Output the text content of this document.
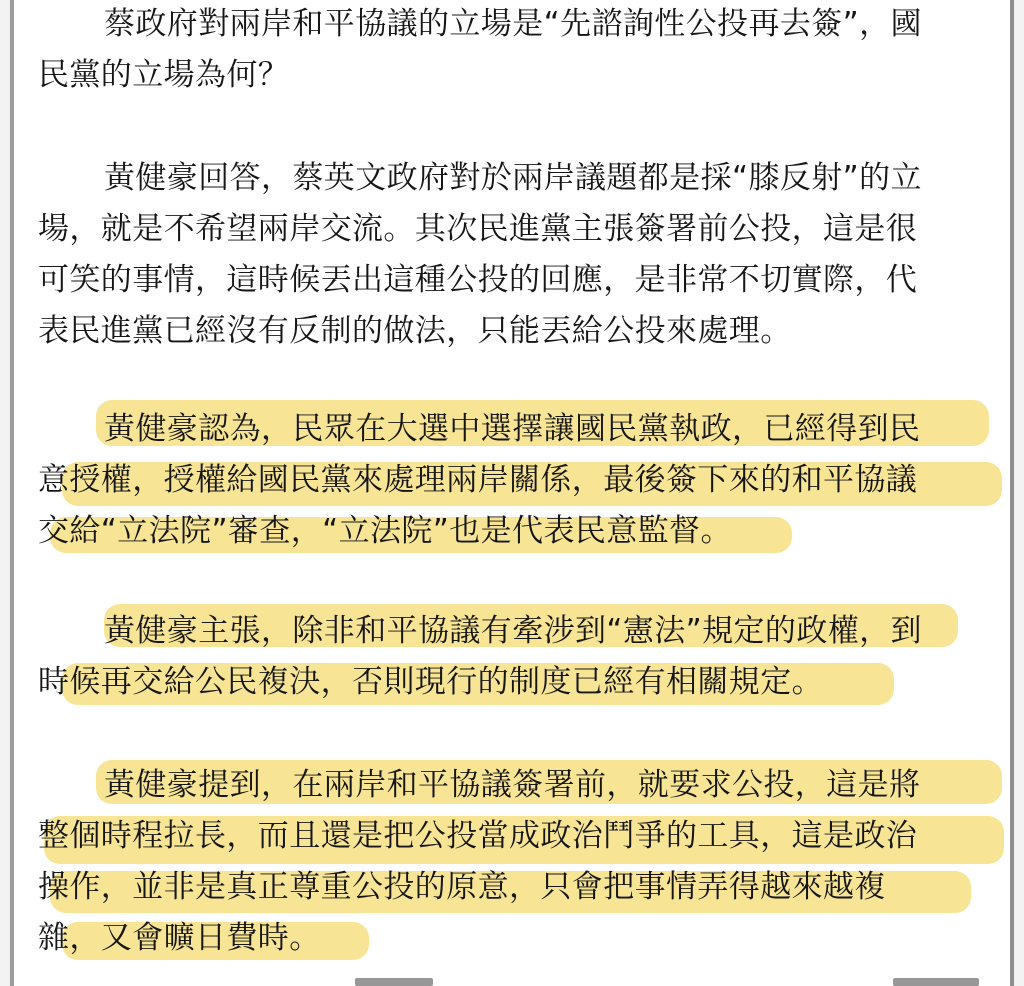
蔡政府對兩岸和平協議的立場是“先諮詢性公投再去簽”，國
民黨的立場為何？
黃健豪回答，蔡英文政府對於兩岸議題都是採“膝反射”的立
場，就是不希望兩岸交流。其次民進黨主張簽署前公投，這是很
可笑的事情，這時候丟出這種公投的回應，是非常不切實際，代
表民進黨已經沒有反制的做法，只能丟給公投來處理。
黃健豪認為，民眾在大選中選擇讓國民黨執政，已經得到民
意授權，授權給國民黨來處理兩岸關係，最後簽下來的和平協議
交給“立法院”審查，“立法院”也是代表民意監督。
黃健豪主張，除非和平協議有牽涉到“憲法”規定的政權，到
時候再交給公民複決，否則現行的制度已經有相關規定。
黃健豪提到，在兩岸和平協議簽署前，就要求公投，這是將
整個時程拉長，而且還是把公投當成政治鬥爭的工具，這是政治
操作，並非是真正尊重公投的原意，只會把事情弄得越來越複
雜，又會曠日費時。
